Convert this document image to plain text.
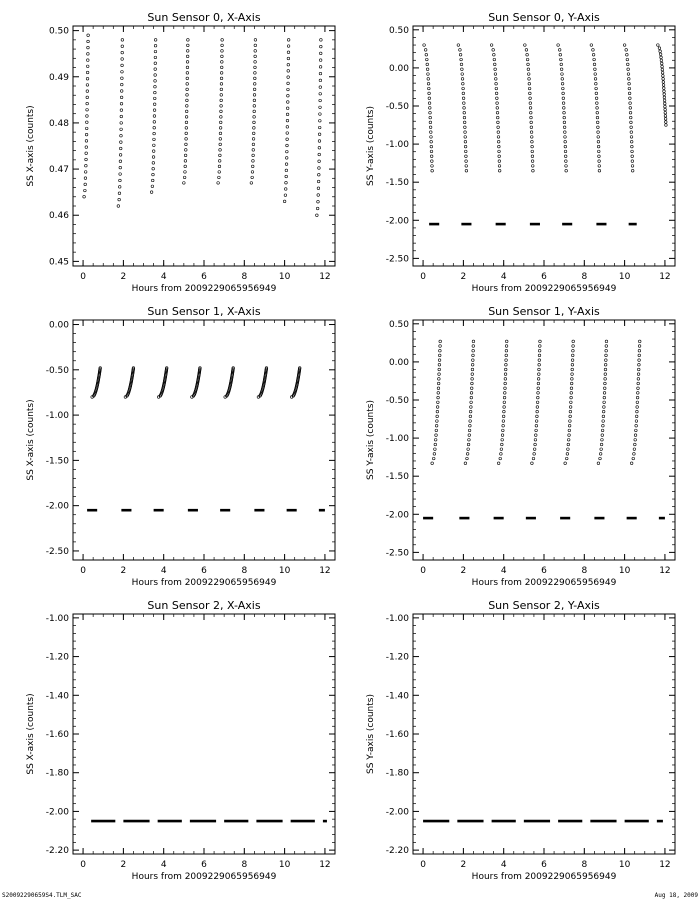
Sun Sensor 0, X-Axis
0	2	4	6	8	10	12
0.45
0.46
0.47
0.48
0.49
0.50
Hours from 2009229065956949
SS X-axis (counts)
Sun Sensor 0, Y-Axis
0	2	4	6	8	10	12
0.50
0.00
-0.50
-1.00
-1.50
-2.00
-2.50
Hours from 2009229065956949
SS Y-axis (counts)
Sun Sensor 1, X-Axis
0	2	4	6	8	10	12
0.00
-0.50
-1.00
-1.50
-2.00
-2.50
Hours from 2009229065956949
SS X-axis (counts)
Sun Sensor 1, Y-Axis
0	2	4	6	8	10	12
0.50
0.00
-0.50
-1.00
-1.50
-2.00
-2.50
Hours from 2009229065956949
SS Y-axis (counts)
Sun Sensor 2, X-Axis
0	2	4	6	8	10	12
-1.00
-1.20
-1.40
-1.60
-1.80
-2.00
-2.20
Hours from 2009229065956949
SS X-axis (counts)
Sun Sensor 2, Y-Axis
0	2	4	6	8	10	12
-1.00
-1.20
-1.40
-1.60
-1.80
-2.00
-2.20
Hours from 2009229065956949
SS Y-axis (counts)
S20092290659S4.TLM_SAC	Aug 18, 2009
